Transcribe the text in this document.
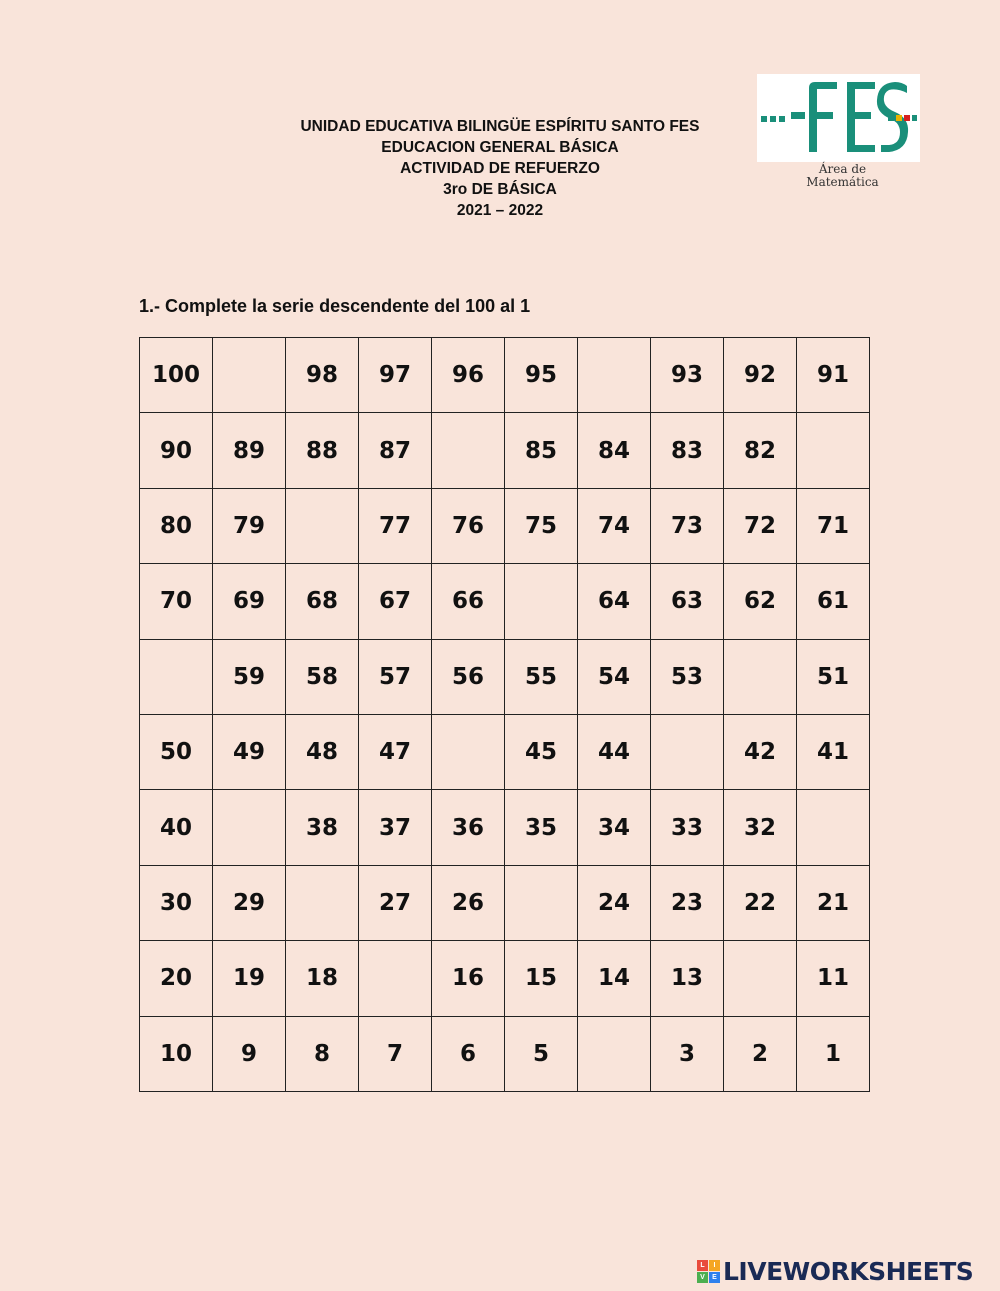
UNIDAD EDUCATIVA BILINGÜE ESPÍRITU SANTO FES
EDUCACION GENERAL BÁSICA
ACTIVIDAD DE REFUERZO
3ro DE BÁSICA
2021 – 2022
Área de
Matemática
1.- Complete la serie descendente del 100 al 1
100		98	97	96	95		93	92	91
90	89	88	87		85	84	83	82	
80	79		77	76	75	74	73	72	71
70	69	68	67	66		64	63	62	61
	59	58	57	56	55	54	53		51
50	49	48	47		45	44		42	41
40		38	37	36	35	34	33	32	
30	29		27	26		24	23	22	21
20	19	18		16	15	14	13		11
10	9	8	7	6	5		3	2	1
L	I
V	E LIVEWORKSHEETS
